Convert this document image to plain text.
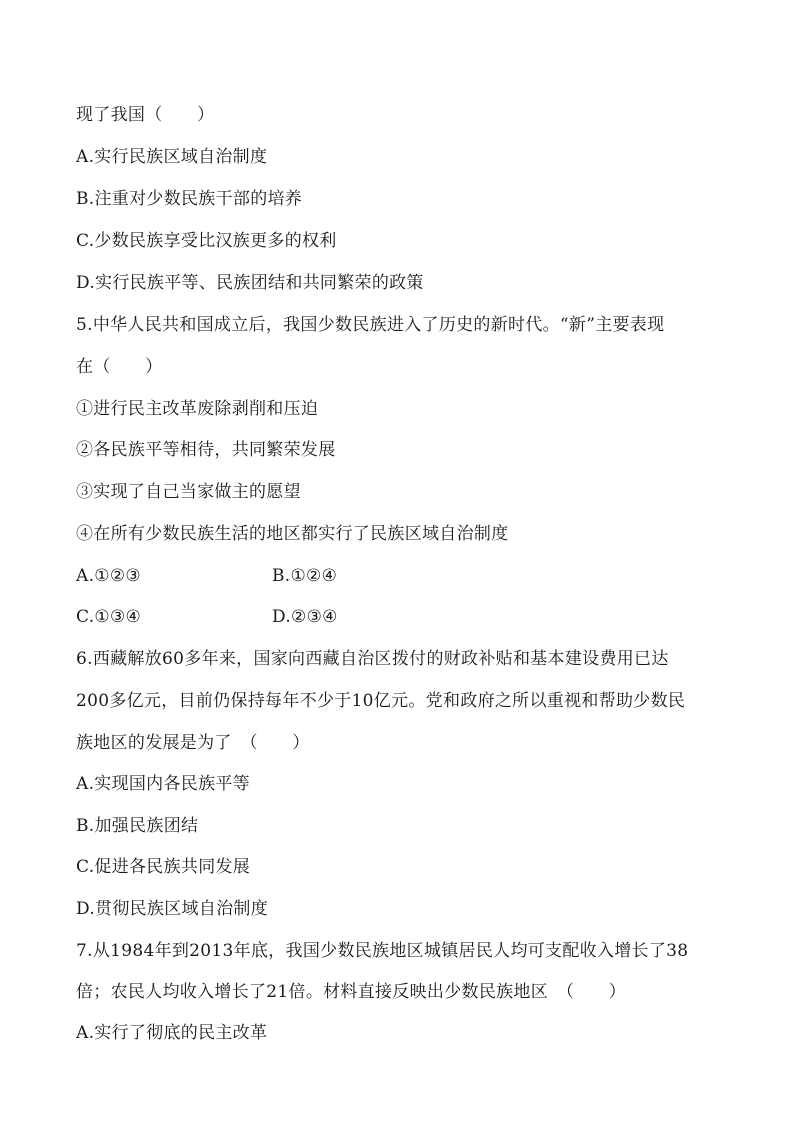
现了我国（　　）
A.实行民族区域自治制度
B.注重对少数民族干部的培养
C.少数民族享受比汉族更多的权利
D.实行民族平等、民族团结和共同繁荣的政策
5.中华人民共和国成立后，我国少数民族进入了历史的新时代。“新”主要表现
在（　　）
①进行民主改革废除剥削和压迫
②各民族平等相待，共同繁荣发展
③实现了自己当家做主的愿望
④在所有少数民族生活的地区都实行了民族区域自治制度
A.①②③	B.①②④
C.①③④	D.②③④
6.西藏解放60多年来，国家向西藏自治区拨付的财政补贴和基本建设费用已达
200多亿元，目前仍保持每年不少于10亿元。党和政府之所以重视和帮助少数民
族地区的发展是为了　（　　）
A.实现国内各民族平等
B.加强民族团结
C.促进各民族共同发展
D.贯彻民族区域自治制度
7.从1984年到2013年底，我国少数民族地区城镇居民人均可支配收入增长了38
倍；农民人均收入增长了21倍。材料直接反映出少数民族地区　（　　）
A.实行了彻底的民主改革
